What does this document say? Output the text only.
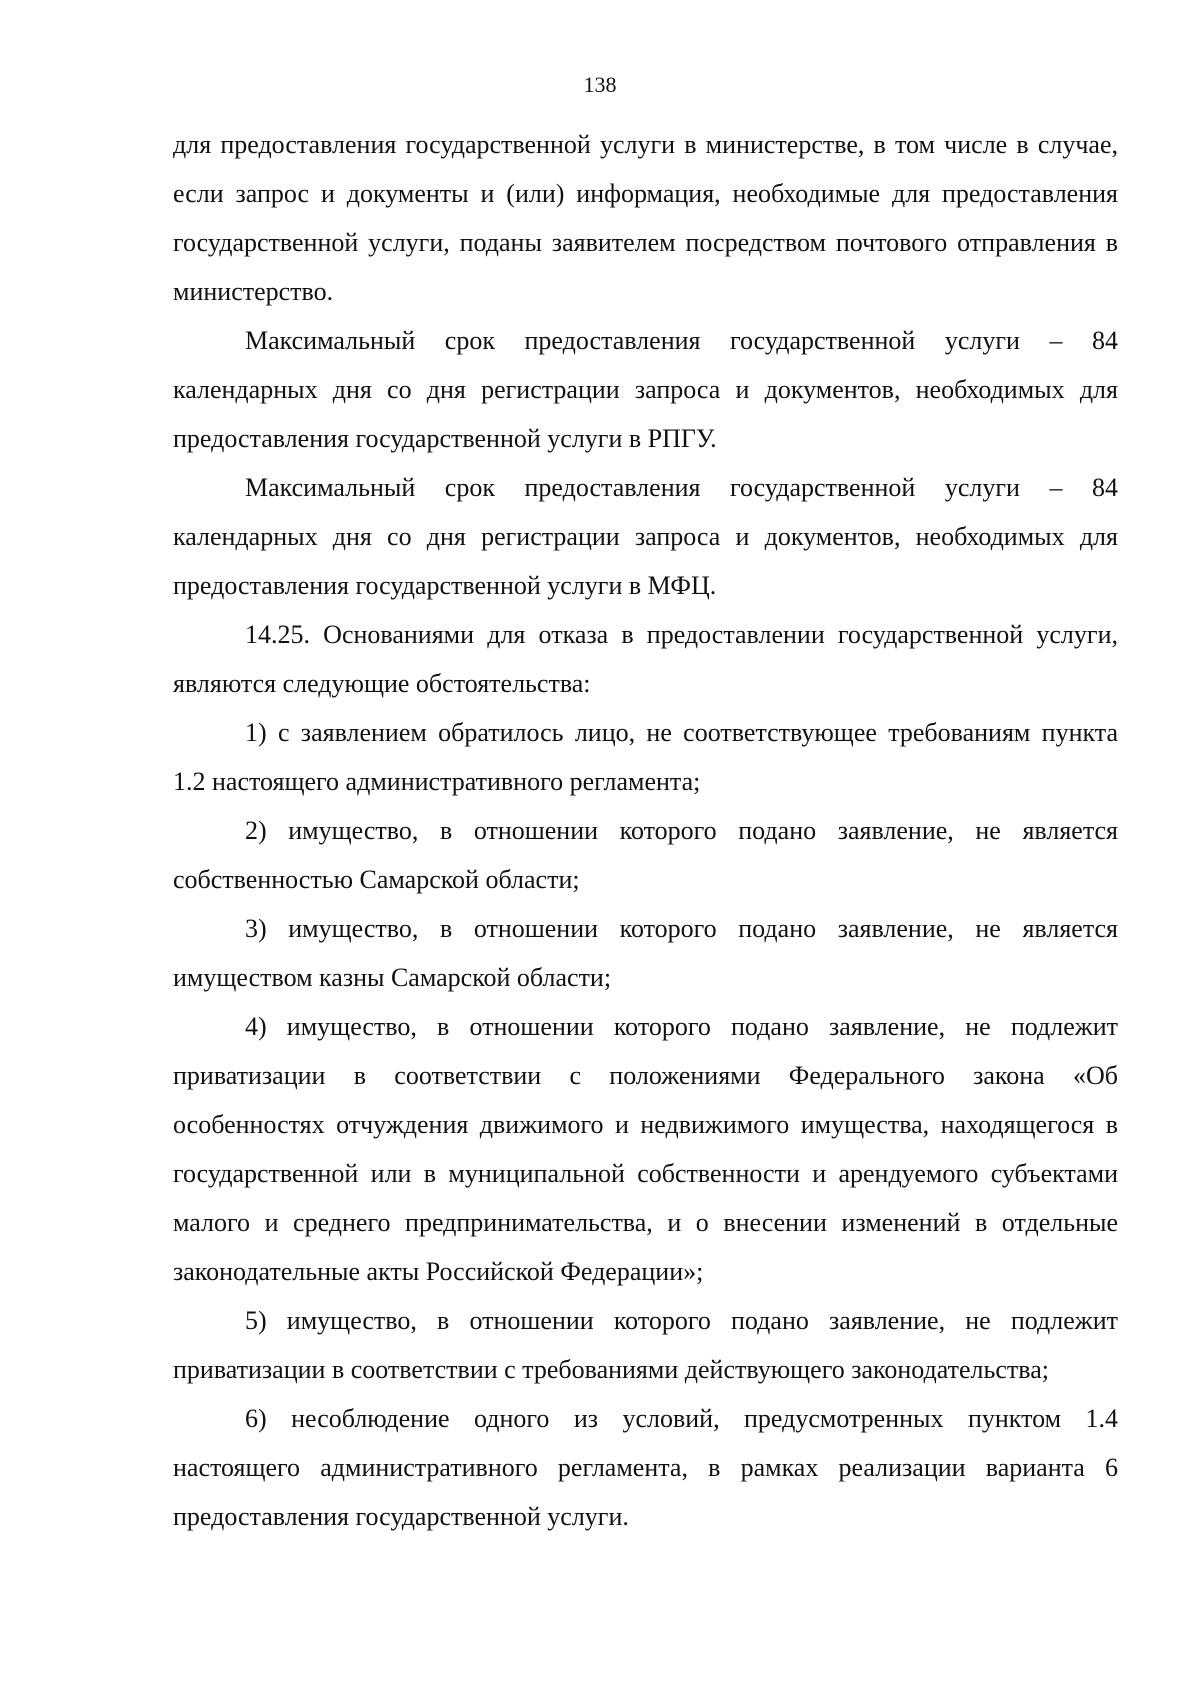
138

для предоставления государственной услуги в министерстве, в том числе в случае, если запрос и документы и (или) информация, необходимые для предоставления государственной услуги, поданы заявителем посредством почтового отправления в министерство.

Максимальный срок предоставления государственной услуги – 84 календарных дня со дня регистрации запроса и документов, необходимых для предоставления государственной услуги в РПГУ.

Максимальный срок предоставления государственной услуги – 84 календарных дня со дня регистрации запроса и документов, необходимых для предоставления государственной услуги в МФЦ.

14.25. Основаниями для отказа в предоставлении государственной услуги, являются следующие обстоятельства:

1) с заявлением обратилось лицо, не соответствующее требованиям пункта 1.2 настоящего административного регламента;

2) имущество, в отношении которого подано заявление, не является собственностью Самарской области;

3) имущество, в отношении которого подано заявление, не является имуществом казны Самарской области;

4) имущество, в отношении которого подано заявление, не подлежит приватизации в соответствии с положениями Федерального закона «Об особенностях отчуждения движимого и недвижимого имущества, находящегося в государственной или в муниципальной собственности и арендуемого субъектами малого и среднего предпринимательства, и о внесении изменений в отдельные законодательные акты Российской Федерации»;

5) имущество, в отношении которого подано заявление, не подлежит приватизации в соответствии с требованиями действующего законодательства;

6) несоблюдение одного из условий, предусмотренных пунктом 1.4 настоящего административного регламента, в рамках реализации варианта 6 предоставления государственной услуги.
